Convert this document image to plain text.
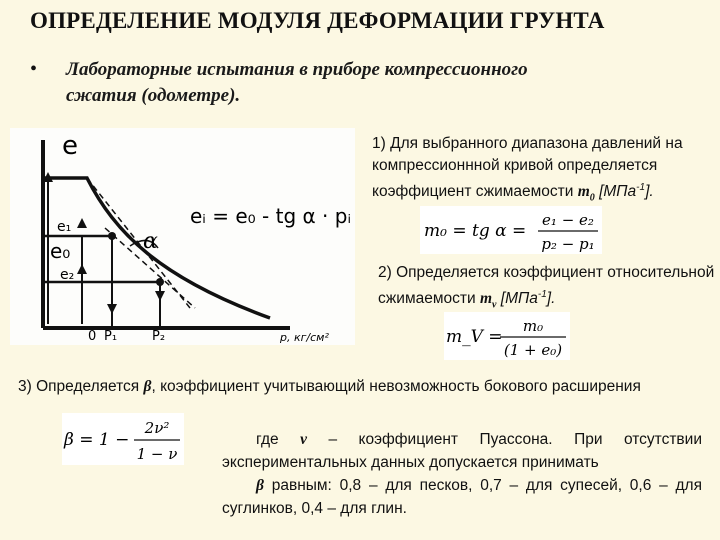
ОПРЕДЕЛЕНИЕ МОДУЛЯ ДЕФОРМАЦИИ ГРУНТА
• Лабораторные испытания в приборе компрессионного
сжатия (одометре).
e
p, кг/см²
e₀
e₁
e₂
α
0 P₁	P₂
eᵢ = e₀ - tg α · pᵢ
1) Для выбранного диапазона давлений на
компрессионнной кривой определяется
коэффициент сжимаемости $m_0$ [МПа$^{-1}$].
m₀ = tg α =
e₁ − e₂
p₂ − p₁
2) Определяется коэффициент относительной
сжимаемости $m_v$ [МПа$^{-1}$].
m_V =
m₀
(1 + e₀)
3) Определяется β, коэффициент учитывающий невозможность бокового расширения
β = 1 −
2ν²
1 − ν
где ν – коэффициент Пуассона. При отсутствии экспериментальных данных допускается принимать
β равным: 0,8 – для песков, 0,7 – для супесей, 0,6 – для суглинков, 0,4 – для глин.
